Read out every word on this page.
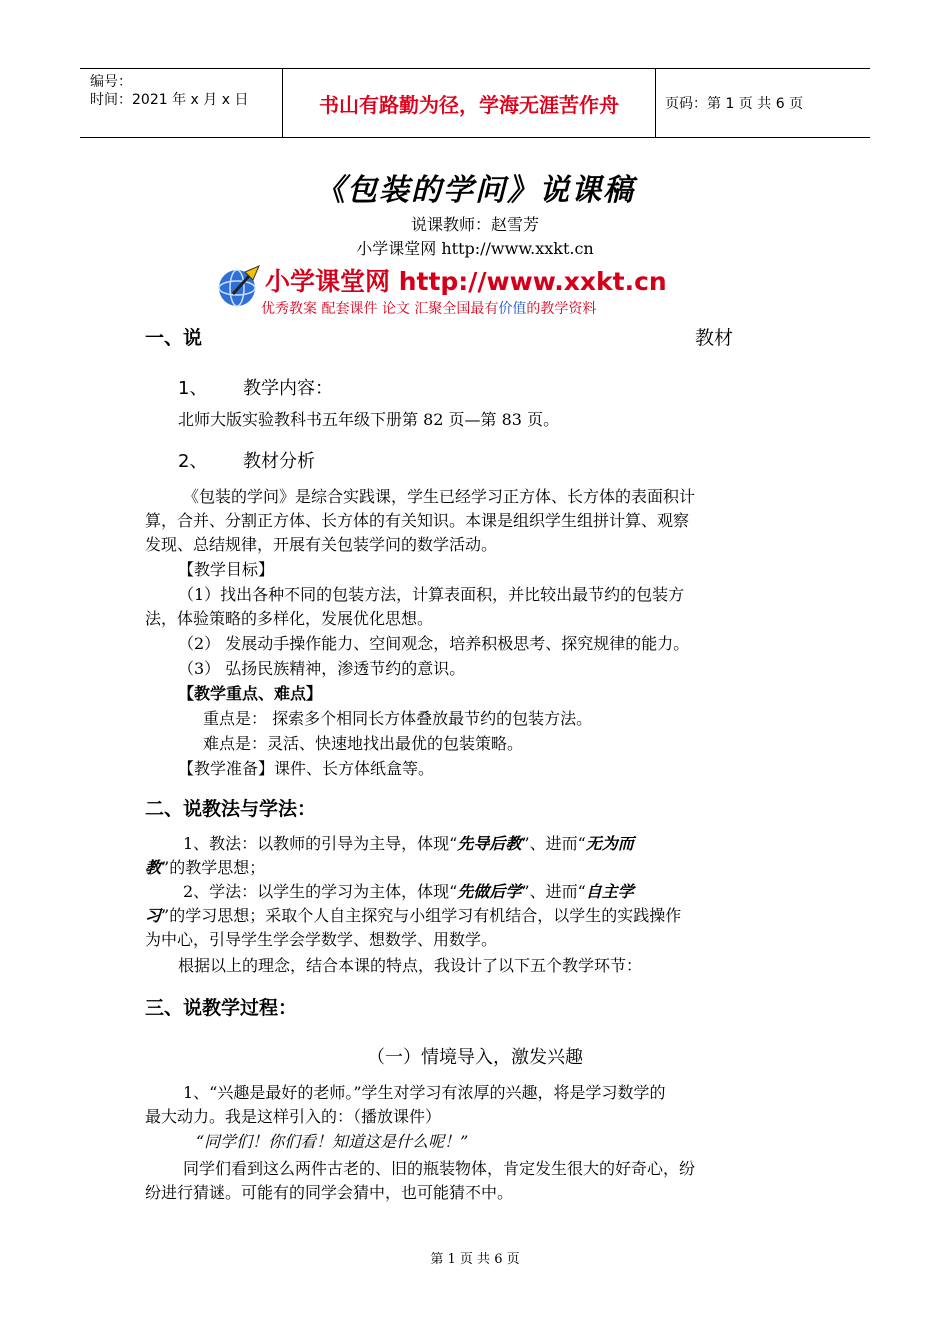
编号：
时间：2021 年 x 月 x 日	书山有路勤为径，学海无涯苦作舟	页码：第 1 页 共 6 页
《包装的学问》说课稿
说课教师：赵雪芳
小学课堂网 http://www.xxkt.cn
小学课堂网 http://www.xxkt.cn
优秀教案 配套课件 论文 汇聚全国最有价值的教学资料
一、说	教材
1、 教学内容：
北师大版实验教科书五年级下册第 82 页—第 83 页。
2、 教材分析
《包装的学问》是综合实践课，学生已经学习正方体、长方体的表面积计
算，合并、分割正方体、长方体的有关知识。本课是组织学生组拼计算、观察
发现、总结规律，开展有关包装学问的数学活动。
【教学目标】
（1）找出各种不同的包装方法，计算表面积，并比较出最节约的包装方
法，体验策略的多样化，发展优化思想。
（2） 发展动手操作能力、空间观念，培养积极思考、探究规律的能力。
（3） 弘扬民族精神，渗透节约的意识。
【教学重点、难点】
重点是： 探索多个相同长方体叠放最节约的包装方法。
难点是：灵活、快速地找出最优的包装策略。
【教学准备】课件、长方体纸盒等。
二、说教法与学法：
1、教法：以教师的引导为主导，体现“先导后教”、进而“无为而
教”的教学思想；
2、学法：以学生的学习为主体，体现“先做后学”、进而“自主学
习”的学习思想；采取个人自主探究与小组学习有机结合，以学生的实践操作
为中心，引导学生学会学数学、想数学、用数学。
根据以上的理念，结合本课的特点，我设计了以下五个教学环节：
三、说教学过程：
（一）情境导入，激发兴趣
1、“兴趣是最好的老师。”学生对学习有浓厚的兴趣，将是学习数学的
最大动力。我是这样引入的：（播放课件）
“同学们！你们看！知道这是什么呢！”
同学们看到这么两件古老的、旧的瓶装物体，肯定发生很大的好奇心，纷
纷进行猜谜。可能有的同学会猜中，也可能猜不中。
第 1 页 共 6 页
